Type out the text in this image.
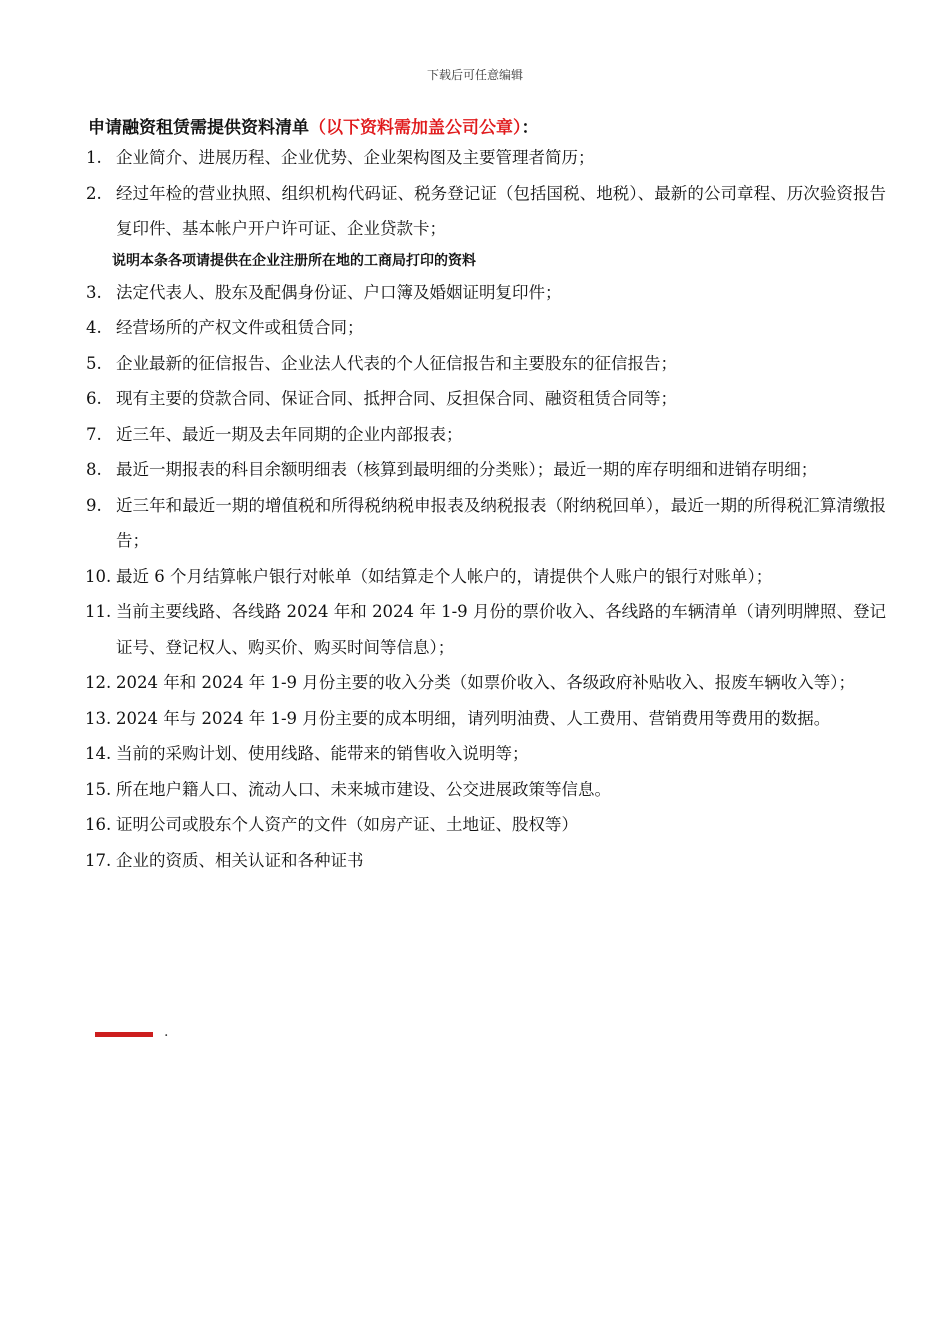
下载后可任意编辑
申请融资租赁需提供资料清单（以下资料需加盖公司公章）：
1. 企业简介、进展历程、企业优势、企业架构图及主要管理者简历；
2. 经过年检的营业执照、组织机构代码证、税务登记证（包括国税、地税）、最新的公司章程、历次验资报告复印件、基本帐户开户许可证、企业贷款卡；
说明本条各项请提供在企业注册所在地的工商局打印的资料
3. 法定代表人、股东及配偶身份证、户口簿及婚姻证明复印件；
4. 经营场所的产权文件或租赁合同；
5. 企业最新的征信报告、企业法人代表的个人征信报告和主要股东的征信报告；
6. 现有主要的贷款合同、保证合同、抵押合同、反担保合同、融资租赁合同等；
7. 近三年、最近一期及去年同期的企业内部报表；
8. 最近一期报表的科目余额明细表（核算到最明细的分类账）；最近一期的库存明细和进销存明细；
9. 近三年和最近一期的增值税和所得税纳税申报表及纳税报表（附纳税回单），最近一期的所得税汇算清缴报告；
10. 最近 6 个月结算帐户银行对帐单（如结算走个人帐户的，请提供个人账户的银行对账单）；
11. 当前主要线路、各线路 2024 年和 2024 年 1-9 月份的票价收入、各线路的车辆清单（请列明牌照、登记证号、登记权人、购买价、购买时间等信息）；
12. 2024 年和 2024 年 1-9 月份主要的收入分类（如票价收入、各级政府补贴收入、报废车辆收入等）；
13. 2024 年与 2024 年 1-9 月份主要的成本明细，请列明油费、人工费用、营销费用等费用的数据。
14. 当前的采购计划、使用线路、能带来的销售收入说明等；
15. 所在地户籍人口、流动人口、未来城市建设、公交进展政策等信息。
16. 证明公司或股东个人资产的文件（如房产证、土地证、股权等）
17. 企业的资质、相关认证和各种证书
.
